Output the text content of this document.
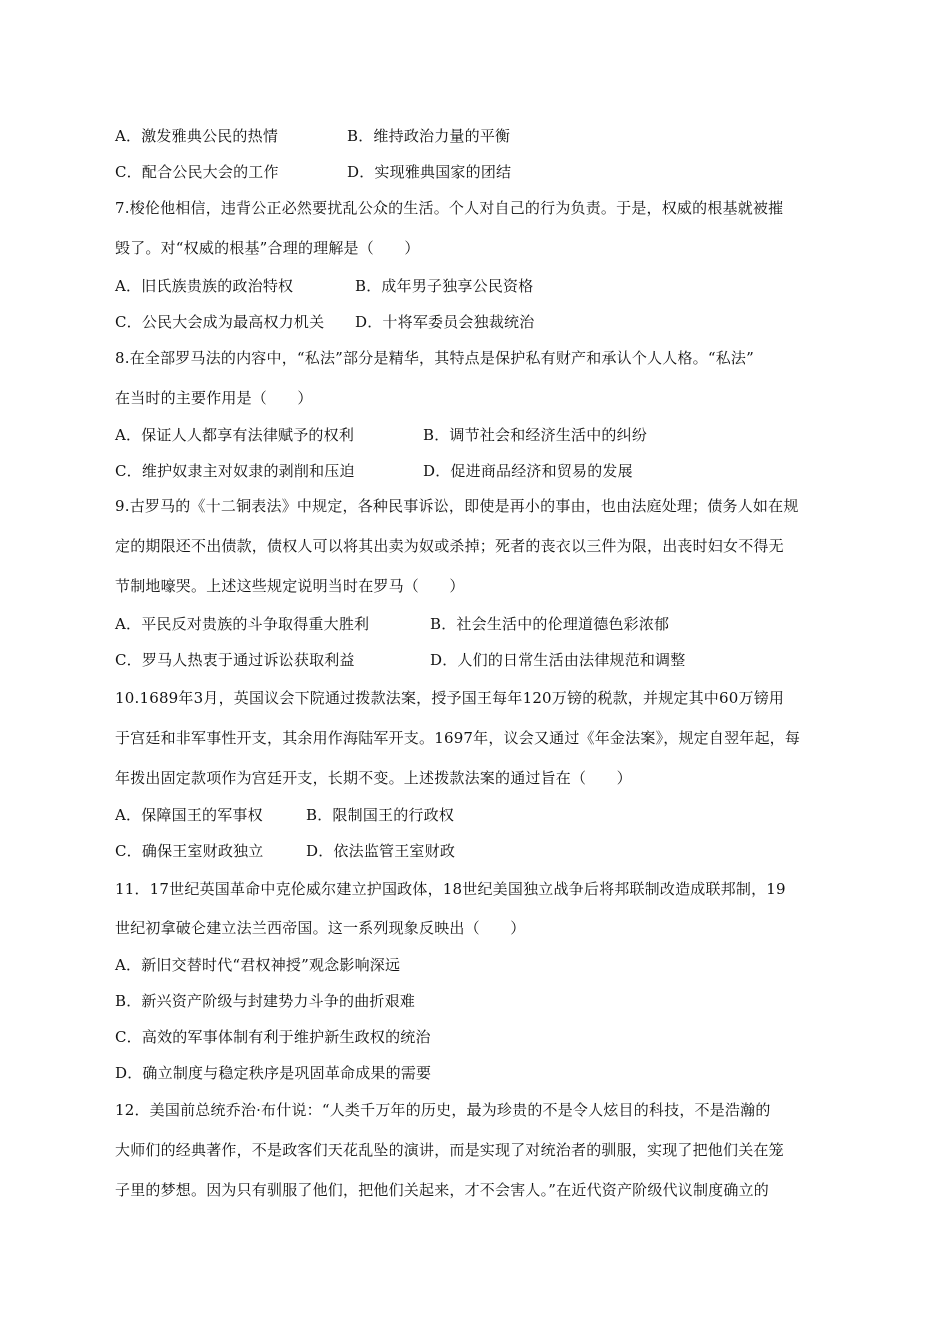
A．激发雅典公民的热情	B．维持政治力量的平衡
C．配合公民大会的工作	D．实现雅典国家的团结
7.梭伦他相信，违背公正必然要扰乱公众的生活。个人对自己的行为负责。于是，权威的根基就被摧
毁了。对“权威的根基”合理的理解是（　　）
A．旧氏族贵族的政治特权	B．成年男子独享公民资格
C．公民大会成为最高权力机关 D．十将军委员会独裁统治
8.在全部罗马法的内容中，“私法”部分是精华，其特点是保护私有财产和承认个人人格。“私法”
在当时的主要作用是（　　）
A．保证人人都享有法律赋予的权利	B．调节社会和经济生活中的纠纷
C．维护奴隶主对奴隶的剥削和压迫	D．促进商品经济和贸易的发展
9.古罗马的《十二铜表法》中规定，各种民事诉讼，即使是再小的事由，也由法庭处理；债务人如在规
定的期限还不出债款，债权人可以将其出卖为奴或杀掉；死者的丧衣以三件为限，出丧时妇女不得无
节制地嚎哭。上述这些规定说明当时在罗马（　　）
A．平民反对贵族的斗争取得重大胜利	B．社会生活中的伦理道德色彩浓郁
C．罗马人热衷于通过诉讼获取利益	D．人们的日常生活由法律规范和调整
10.1689年3月，英国议会下院通过拨款法案，授予国王每年120万镑的税款，并规定其中60万镑用
于宫廷和非军事性开支，其余用作海陆军开支。1697年，议会又通过《年金法案》，规定自翌年起，每
年拨出固定款项作为宫廷开支，长期不变。上述拨款法案的通过旨在（　　）
A．保障国王的军事权	B．限制国王的行政权
C．确保王室财政独立	D．依法监管王室财政
11．17世纪英国革命中克伦威尔建立护国政体，18世纪美国独立战争后将邦联制改造成联邦制，19
世纪初拿破仑建立法兰西帝国。这一系列现象反映出（　　）
A．新旧交替时代“君权神授”观念影响深远
B．新兴资产阶级与封建势力斗争的曲折艰难
C．高效的军事体制有利于维护新生政权的统治
D．确立制度与稳定秩序是巩固革命成果的需要
12．美国前总统乔治·布什说：“人类千万年的历史，最为珍贵的不是令人炫目的科技，不是浩瀚的
大师们的经典著作，不是政客们天花乱坠的演讲，而是实现了对统治者的驯服，实现了把他们关在笼
子里的梦想。因为只有驯服了他们，把他们关起来，才不会害人。”在近代资产阶级代议制度确立的
